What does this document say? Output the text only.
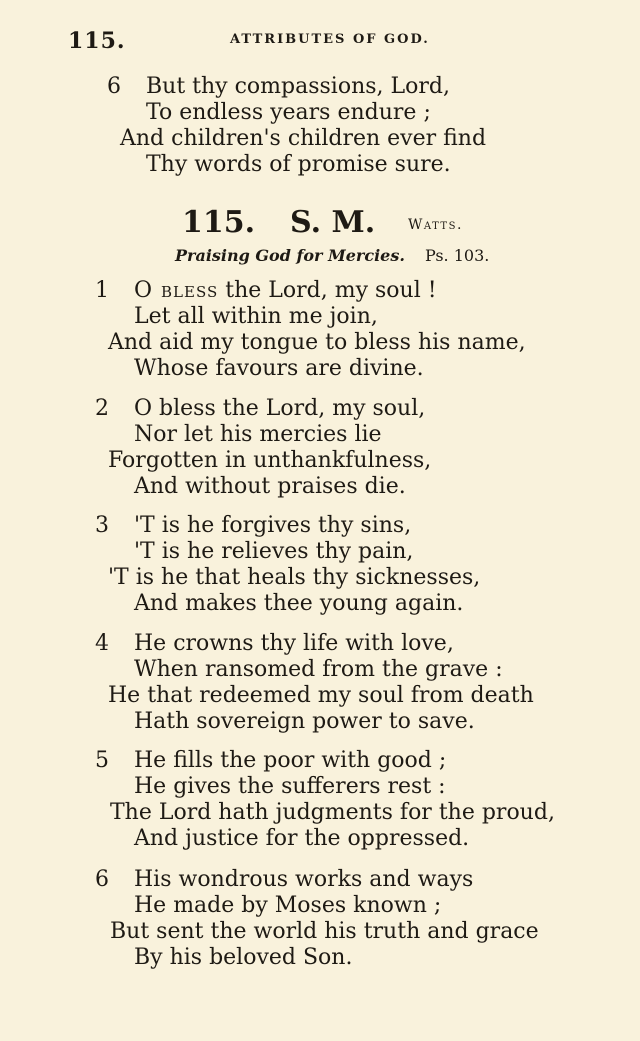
115.	ATTRIBUTES OF GOD.
6 But thy compassions, Lord,
To endless years endure ;
And children's children ever find
Thy words of promise sure.
115. S. M. Watts.
Praising God for Mercies. Ps. 103.
1 O bless the Lord, my soul !
Let all within me join,
And aid my tongue to bless his name,
Whose favours are divine.
2 O bless the Lord, my soul,
Nor let his mercies lie
Forgotten in unthankfulness,
And without praises die.
3 'T is he forgives thy sins,
'T is he relieves thy pain,
'T is he that heals thy sicknesses,
And makes thee young again.
4 He crowns thy life with love,
When ransomed from the grave :
He that redeemed my soul from death
Hath sovereign power to save.
5 He fills the poor with good ;
He gives the sufferers rest :
The Lord hath judgments for the proud,
And justice for the oppressed.
6 His wondrous works and ways
He made by Moses known ;
But sent the world his truth and grace
By his beloved Son.
